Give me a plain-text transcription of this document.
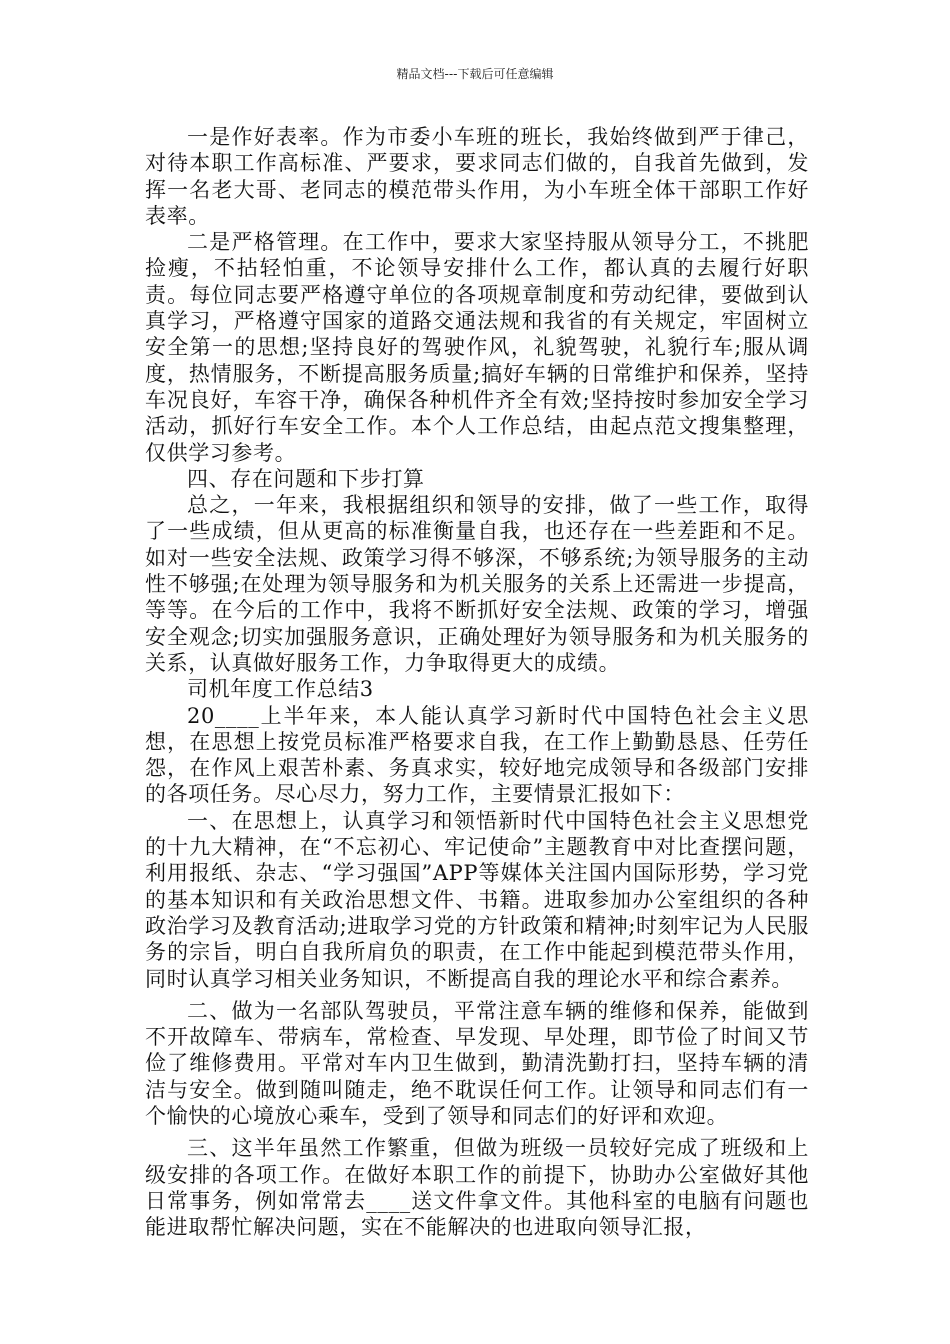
精品文档---下载后可任意编辑

一是作好表率。作为市委小车班的班长，我始终做到严于律己，对待本职工作高标准、严要求，要求同志们做的，自我首先做到，发挥一名老大哥、老同志的模范带头作用，为小车班全体干部职工作好表率。

二是严格管理。在工作中，要求大家坚持服从领导分工，不挑肥捡瘦，不拈轻怕重，不论领导安排什么工作，都认真的去履行好职责。每位同志要严格遵守单位的各项规章制度和劳动纪律，要做到认真学习，严格遵守国家的道路交通法规和我省的有关规定，牢固树立安全第一的思想;坚持良好的驾驶作风，礼貌驾驶，礼貌行车;服从调度，热情服务，不断提高服务质量;搞好车辆的日常维护和保养，坚持车况良好，车容干净，确保各种机件齐全有效;坚持按时参加安全学习活动，抓好行车安全工作。本个人工作总结，由起点范文搜集整理，仅供学习参考。

四、存在问题和下步打算

总之，一年来，我根据组织和领导的安排，做了一些工作，取得了一些成绩，但从更高的标准衡量自我，也还存在一些差距和不足。如对一些安全法规、政策学习得不够深，不够系统;为领导服务的主动性不够强;在处理为领导服务和为机关服务的关系上还需进一步提高，等等。在今后的工作中，我将不断抓好安全法规、政策的学习，增强安全观念;切实加强服务意识，正确处理好为领导服务和为机关服务的关系，认真做好服务工作，力争取得更大的成绩。

司机年度工作总结3

20____上半年来，本人能认真学习新时代中国特色社会主义思想，在思想上按党员标准严格要求自我，在工作上勤勤恳恳、任劳任怨，在作风上艰苦朴素、务真求实，较好地完成领导和各级部门安排的各项任务。尽心尽力，努力工作，主要情景汇报如下：

一、在思想上，认真学习和领悟新时代中国特色社会主义思想党的十九大精神，在“不忘初心、牢记使命”主题教育中对比查摆问题，利用报纸、杂志、“学习强国”APP等媒体关注国内国际形势，学习党的基本知识和有关政治思想文件、书籍。进取参加办公室组织的各种政治学习及教育活动;进取学习党的方针政策和精神;时刻牢记为人民服务的宗旨，明白自我所肩负的职责，在工作中能起到模范带头作用，同时认真学习相关业务知识，不断提高自我的理论水平和综合素养。

二、做为一名部队驾驶员，平常注意车辆的维修和保养，能做到不开故障车、带病车，常检查、早发现、早处理，即节俭了时间又节俭了维修费用。平常对车内卫生做到，勤清洗勤打扫，坚持车辆的清洁与安全。做到随叫随走，绝不耽误任何工作。让领导和同志们有一个愉快的心境放心乘车，受到了领导和同志们的好评和欢迎。

三、这半年虽然工作繁重，但做为班级一员较好完成了班级和上级安排的各项工作。在做好本职工作的前提下，协助办公室做好其他日常事务，例如常常去____送文件拿文件。其他科室的电脑有问题也能进取帮忙解决问题，实在不能解决的也进取向领导汇报，
